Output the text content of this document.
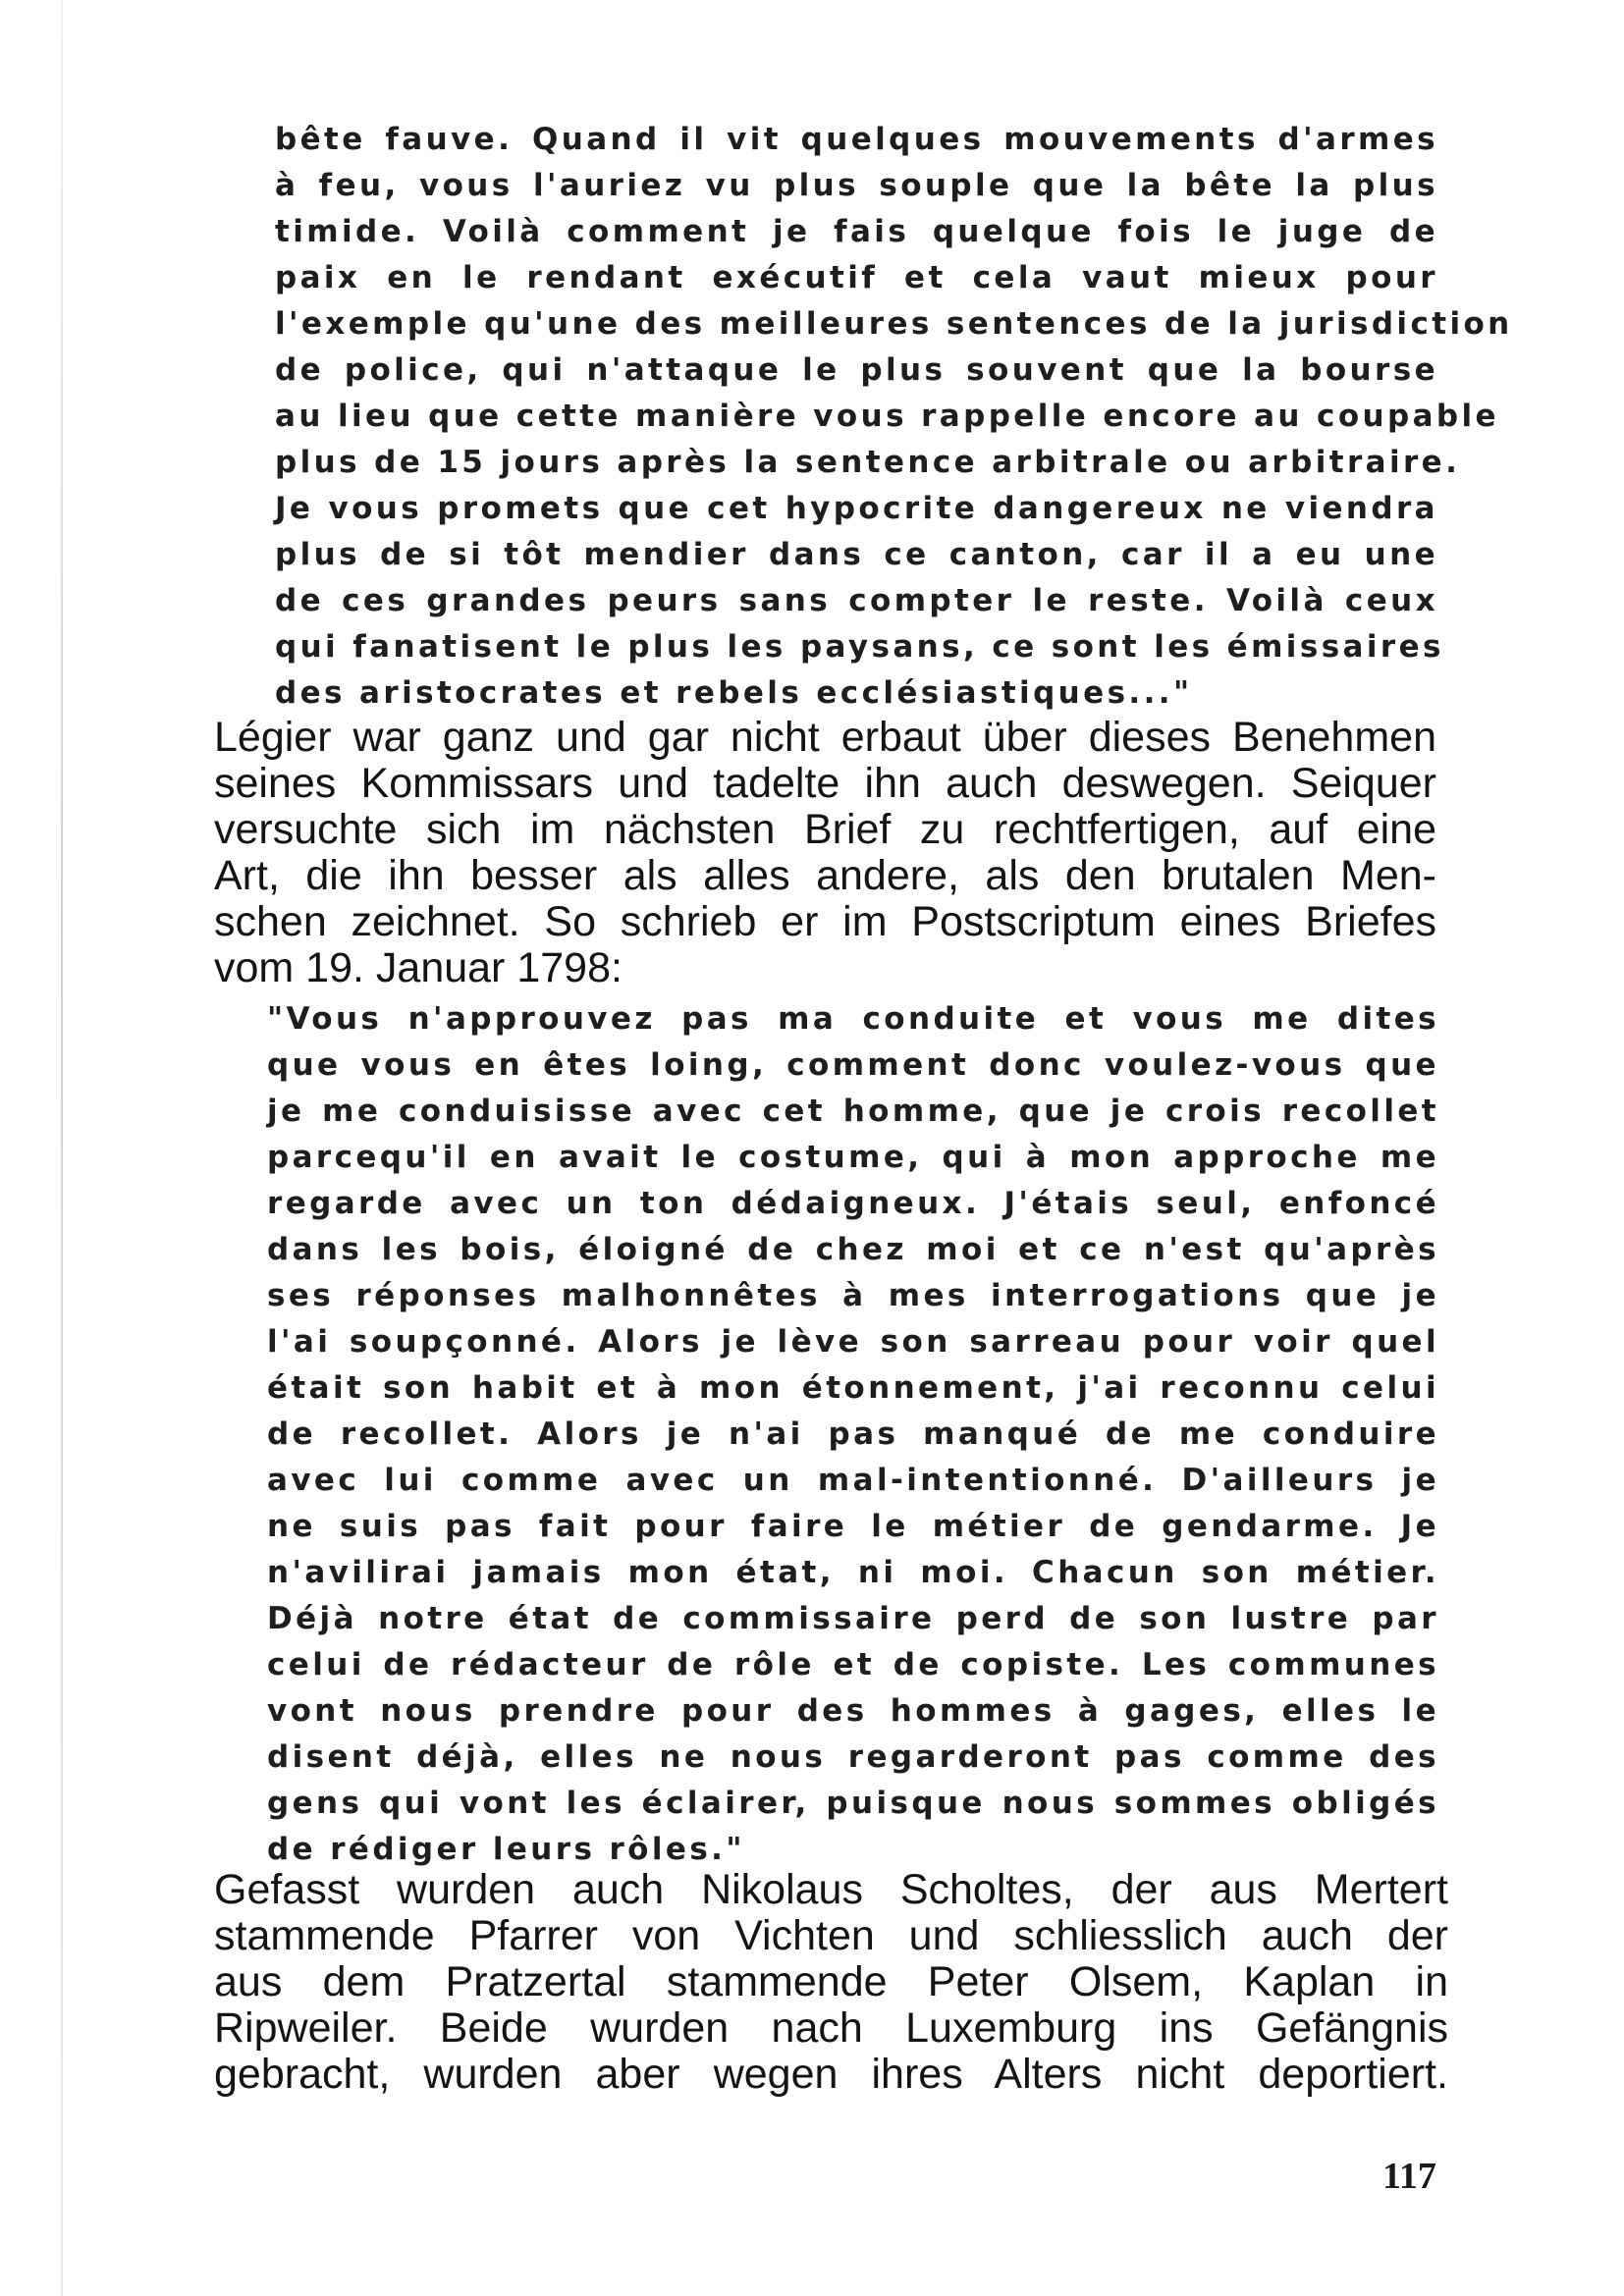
bête fauve. Quand il vit quelques mouvements d'armes
à feu, vous l'auriez vu plus souple que la bête la plus
timide. Voilà comment je fais quelque fois le juge de
paix en le rendant exécutif et cela vaut mieux pour
l'exemple qu'une des meilleures sentences de la jurisdiction
de police, qui n'attaque le plus souvent que la bourse
au lieu que cette manière vous rappelle encore au coupable
plus de 15 jours après la sentence arbitrale ou arbitraire.
Je vous promets que cet hypocrite dangereux ne viendra
plus de si tôt mendier dans ce canton, car il a eu une
de ces grandes peurs sans compter le reste. Voilà ceux
qui fanatisent le plus les paysans, ce sont les émissaires
des aristocrates et rebels ecclésiastiques..."
Légier war ganz und gar nicht erbaut über dieses Benehmen
seines Kommissars und tadelte ihn auch deswegen. Seiquer
versuchte sich im nächsten Brief zu rechtfertigen, auf eine
Art, die ihn besser als alles andere, als den brutalen Men-
schen zeichnet. So schrieb er im Postscriptum eines Briefes
vom 19. Januar 1798:
"Vous n'approuvez pas ma conduite et vous me dites
que vous en êtes loing, comment donc voulez-vous que
je me conduisisse avec cet homme, que je crois recollet
parcequ'il en avait le costume, qui à mon approche me
regarde avec un ton dédaigneux. J'étais seul, enfoncé
dans les bois, éloigné de chez moi et ce n'est qu'après
ses réponses malhonnêtes à mes interrogations que je
l'ai soupçonné. Alors je lève son sarreau pour voir quel
était son habit et à mon étonnement, j'ai reconnu celui
de recollet. Alors je n'ai pas manqué de me conduire
avec lui comme avec un mal-intentionné. D'ailleurs je
ne suis pas fait pour faire le métier de gendarme. Je
n'avilirai jamais mon état, ni moi. Chacun son métier.
Déjà notre état de commissaire perd de son lustre par
celui de rédacteur de rôle et de copiste. Les communes
vont nous prendre pour des hommes à gages, elles le
disent déjà, elles ne nous regarderont pas comme des
gens qui vont les éclairer, puisque nous sommes obligés
de rédiger leurs rôles."
Gefasst wurden auch Nikolaus Scholtes, der aus Mertert
stammende Pfarrer von Vichten und schliesslich auch der
aus dem Pratzertal stammende Peter Olsem, Kaplan in
Ripweiler. Beide wurden nach Luxemburg ins Gefängnis
gebracht, wurden aber wegen ihres Alters nicht deportiert.
117
